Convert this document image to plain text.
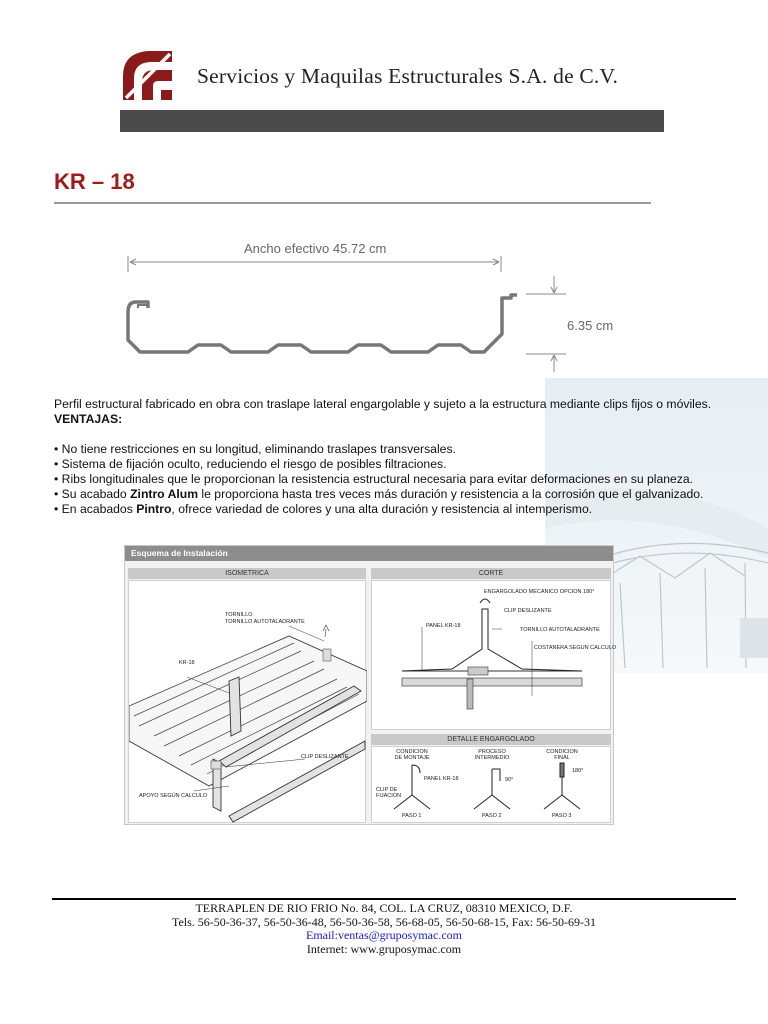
Servicios y Maquilas Estructurales S.A. de C.V.
KR – 18
Ancho efectivo 45.72 cm
6.35 cm

Perfil estructural fabricado en obra con traslape lateral engargolable y sujeto a la estructura mediante clips fijos o móviles.

VENTAJAS:

• No tiene restricciones en su longitud, eliminando traslapes transversales.

• Sistema de fijación oculto, reduciendo el riesgo de posibles filtraciones.

• Ribs longitudinales que le proporcionan la resistencia estructural necesaria para evitar deformaciones en su planeza.

• Su acabado Zintro Alum le proporciona hasta tres veces más duración y resistencia a la corrosión que el galvanizado.

• En acabados Pintro, ofrece variedad de colores y una alta duración y resistencia al intemperismo.

Esquema de Instalación
ISOMETRICA
TORNILLO
TORNILLO AUTOTALADRANTE
KR-18
CLIP DESLIZANTE
APOYO SEGÚN CALCULO
CORTE
ENGARGOLADO MECANICO OPCION 180°
CLIP DESLIZANTE
PANEL KR-18
TORNILLO AUTOTALADRANTE
COSTANERA SEGUN CALCULO
DETALLE ENGARGOLADO
CONDICION DE MONTAJE
PROCESO INTERMEDIO
CONDICION FINAL
90°
180°
PANEL KR-18
CLIP DE FIJACION
PASO 1	PASO 2	PASO 3
TERRAPLEN DE RIO FRIO No. 84, COL. LA CRUZ, 08310 MEXICO, D.F.
Tels. 56-50-36-37, 56-50-36-48, 56-50-36-58, 56-68-05, 56-50-68-15, Fax: 56-50-69-31
Email:ventas@gruposymac.com
Internet: www.gruposymac.com
